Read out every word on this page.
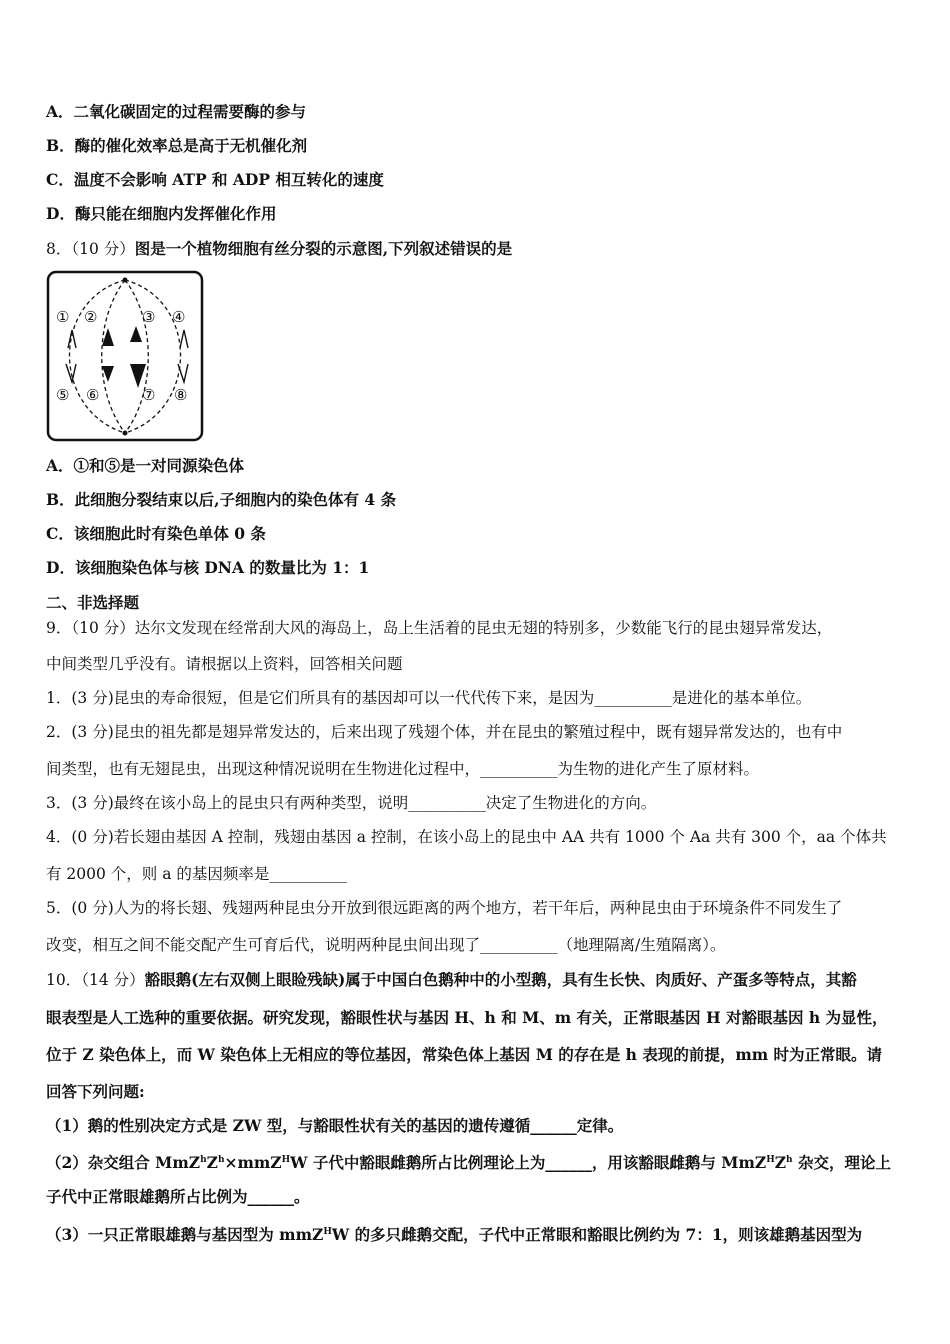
A．二氧化碳固定的过程需要酶的参与
B．酶的催化效率总是高于无机催化剂
C．温度不会影响 ATP 和 ADP 相互转化的速度
D．酶只能在细胞内发挥催化作用
8．（10 分）图是一个植物细胞有丝分裂的示意图,下列叙述错误的是
① ②	③ ④
⑤ ⑥	⑦ ⑧
A．①和⑤是一对同源染色体
B．此细胞分裂结束以后,子细胞内的染色体有 4 条
C．该细胞此时有染色单体 0 条
D．该细胞染色体与核 DNA 的数量比为 1：1
二、非选择题
9．（10 分）达尔文发现在经常刮大风的海岛上，岛上生活着的昆虫无翅的特别多，少数能飞行的昆虫翅异常发达，
中间类型几乎没有。请根据以上资料，回答相关问题
1．(3 分)昆虫的寿命很短，但是它们所具有的基因却可以一代代传下来，是因为__________是进化的基本单位。
2．(3 分)昆虫的祖先都是翅异常发达的，后来出现了残翅个体，并在昆虫的繁殖过程中，既有翅异常发达的，也有中
间类型，也有无翅昆虫，出现这种情况说明在生物进化过程中，__________为生物的进化产生了原材料。
3．(3 分)最终在该小岛上的昆虫只有两种类型，说明__________决定了生物进化的方向。
4．(0 分)若长翅由基因 A 控制，残翅由基因 a 控制，在该小岛上的昆虫中 AA 共有 1000 个 Aa 共有 300 个，aa 个体共
有 2000 个，则 a 的基因频率是__________
5．(0 分)人为的将长翅、残翅两种昆虫分开放到很远距离的两个地方，若干年后，两种昆虫由于环境条件不同发生了
改变，相互之间不能交配产生可育后代，说明两种昆虫间出现了__________（地理隔离/生殖隔离）。
10．（14 分）豁眼鹅(左右双侧上眼睑残缺)属于中国白色鹅种中的小型鹅，具有生长快、肉质好、产蛋多等特点，其豁
眼表型是人工选种的重要依据。研究发现，豁眼性状与基因 H、h 和 M、m 有关，正常眼基因 H 对豁眼基因 h 为显性，
位于 Z 染色体上，而 W 染色体上无相应的等位基因，常染色体上基因 M 的存在是 h 表现的前提，mm 时为正常眼。请
回答下列问题:
（1）鹅的性别决定方式是 ZW 型，与豁眼性状有关的基因的遗传遵循______定律。
（2）杂交组合 $MmZ^hZ^h\times mmZ^HW$ 子代中豁眼雌鹅所占比例理论上为______，用该豁眼雌鹅与 $MmZ^HZ^h$ 杂交，理论上
子代中正常眼雄鹅所占比例为______。
（3）一只正常眼雄鹅与基因型为 mmZ$^H$W 的多只雌鹅交配，子代中正常眼和豁眼比例约为 7：1，则该雄鹅基因型为
